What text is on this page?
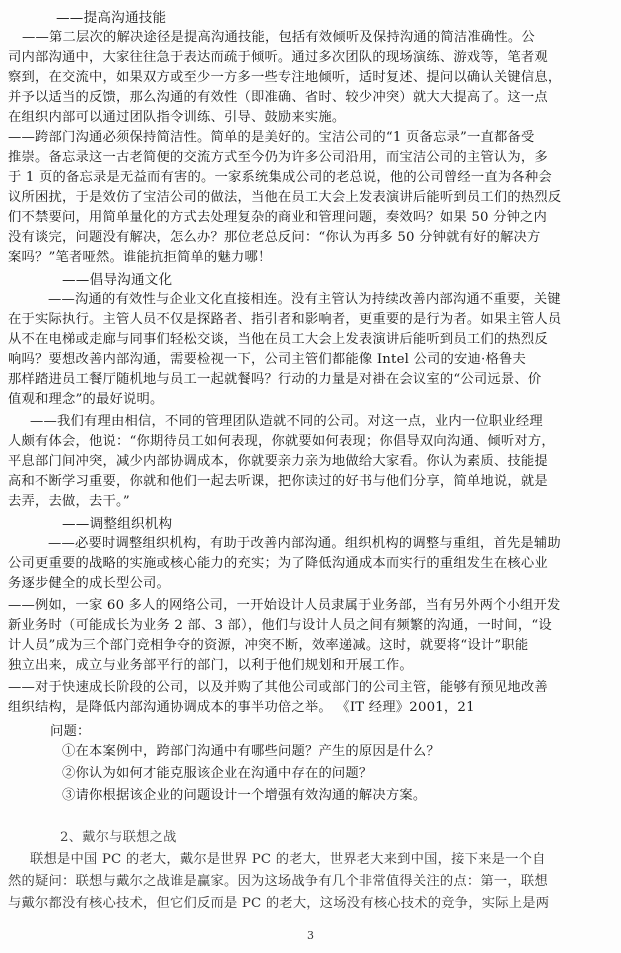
——提高沟通技能
——第二层次的解决途径是提高沟通技能，包括有效倾听及保持沟通的简洁准确性。公
司内部沟通中，大家往往急于表达而疏于倾听。通过多次团队的现场演练、游戏等，笔者观
察到，在交流中，如果双方或至少一方多一些专注地倾听，适时复述、提问以确认关键信息，
并予以适当的反馈，那么沟通的有效性（即准确、省时、较少冲突）就大大提高了。这一点
在组织内部可以通过团队指令训练、引导、鼓励来实施。
——跨部门沟通必须保持简洁性。简单的是美好的。宝洁公司的“1 页备忘录”一直都备受
推崇。备忘录这一古老简便的交流方式至今仍为许多公司沿用，而宝洁公司的主管认为，多
于 1 页的备忘录是无益而有害的。一家系统集成公司的老总说，他的公司曾经一直为各种会
议所困扰，于是效仿了宝洁公司的做法，当他在员工大会上发表演讲后能听到员工们的热烈反
们不禁要问，用简单量化的方式去处理复杂的商业和管理问题，奏效吗？如果 50 分钟之内
没有谈完，问题没有解决，怎么办？那位老总反问：“你认为再多 50 分钟就有好的解决方
案吗？”笔者哑然。谁能抗拒简单的魅力哪！
——倡导沟通文化
——沟通的有效性与企业文化直接相连。没有主管认为持续改善内部沟通不重要，关键
在于实际执行。主管人员不仅是探路者、指引者和影响者，更重要的是行为者。如果主管人员
从不在电梯或走廊与同事们轻松交谈，当他在员工大会上发表演讲后能听到员工们的热烈反
响吗？要想改善内部沟通，需要检视一下，公司主管们都能像 Intel 公司的安迪·格鲁夫
那样踏进员工餐厅随机地与员工一起就餐吗？行动的力量是对褂在会议室的“公司远景、价
值观和理念”的最好说明。
——我们有理由相信，不同的管理团队造就不同的公司。对这一点，业内一位职业经理
人颇有体会，他说：“你期待员工如何表现，你就要如何表现；你倡导双向沟通、倾听对方，
平息部门间冲突，减少内部协调成本，你就要亲力亲为地做给大家看。你认为素质、技能提
高和不断学习重要，你就和他们一起去听课，把你读过的好书与他们分享，简单地说，就是
去弄，去做，去干。”
——调整组织机构
——必要时调整组织机构，有助于改善内部沟通。组织机构的调整与重组，首先是辅助
公司更重要的战略的实施或核心能力的充实；为了降低沟通成本而实行的重组发生在核心业
务逐步健全的成长型公司。
——例如，一家 60 多人的网络公司，一开始设计人员隶属于业务部，当有另外两个小组开发
新业务时（可能成长为业务 2 部、3 部），他们与设计人员之间有频繁的沟通，一时间，“设
计人员”成为三个部门竞相争夺的资源，冲突不断，效率递减。这时，就要将“设计”职能
独立出来，成立与业务部平行的部门，以利于他们规划和开展工作。
——对于快速成长阶段的公司，以及并购了其他公司或部门的公司主管，能够有预见地改善
组织结构，是降低内部沟通协调成本的事半功倍之举。 《IT 经理》2001，21
问题：
①在本案例中，跨部门沟通中有哪些问题？产生的原因是什么？
②你认为如何才能克服该企业在沟通中存在的问题？
③请你根据该企业的问题设计一个增强有效沟通的解决方案。
2、戴尔与联想之战
联想是中国 PC 的老大，戴尔是世界 PC 的老大，世界老大来到中国，接下来是一个自
然的疑问：联想与戴尔之战谁是赢家。因为这场战争有几个非常值得关注的点：第一，联想
与戴尔都没有核心技术，但它们反而是 PC 的老大，这场没有核心技术的竞争，实际上是两
3
